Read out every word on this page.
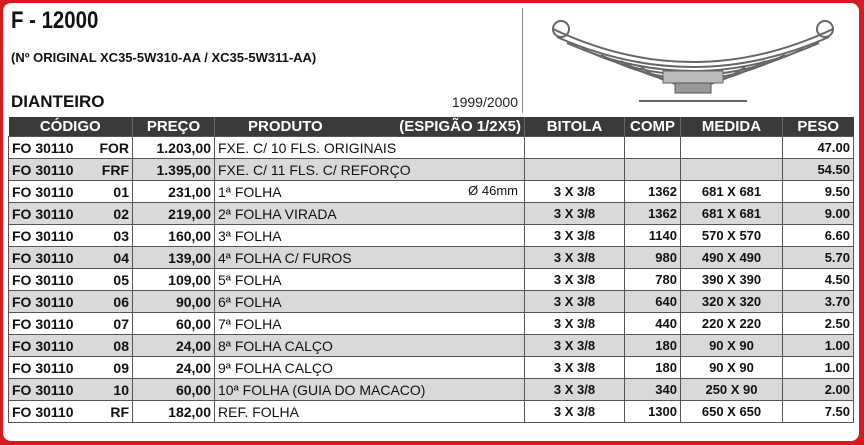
F - 12000
(Nº ORIGINAL XC35-5W310-AA / XC35-5W311-AA)
DIANTEIRO	1999/2000
CÓDIGO	PREÇO	PRODUTO (ESPIGÃO 1/2X5)	BITOLA	COMP	MEDIDA	PESO
FO 30110 FOR	1.203,00	FXE. C/ 10 FLS. ORIGINAIS				47.00
FO 30110 FRF	1.395,00	FXE. C/ 11 FLS. C/ REFORÇO				54.50
FO 30110 01	231,00	1ª FOLHA Ø 46mm	3 X 3/8	1362	681 X 681	9.50
FO 30110 02	219,00	2ª FOLHA VIRADA	3 X 3/8	1362	681 X 681	9.00
FO 30110 03	160,00	3ª FOLHA	3 X 3/8	1140	570 X 570	6.60
FO 30110 04	139,00	4ª FOLHA C/ FUROS	3 X 3/8	980	490 X 490	5.70
FO 30110 05	109,00	5ª FOLHA	3 X 3/8	780	390 X 390	4.50
FO 30110 06	90,00	6ª FOLHA	3 X 3/8	640	320 X 320	3.70
FO 30110 07	60,00	7ª FOLHA	3 X 3/8	440	220 X 220	2.50
FO 30110 08	24,00	8ª FOLHA CALÇO	3 X 3/8	180	90 X 90	1.00
FO 30110 09	24,00	9ª FOLHA CALÇO	3 X 3/8	180	90 X 90	1.00
FO 30110 10	60,00	10ª FOLHA (GUIA DO MACACO)	3 X 3/8	340	250 X 90	2.00
FO 30110 RF	182,00	REF. FOLHA	3 X 3/8	1300	650 X 650	7.50
